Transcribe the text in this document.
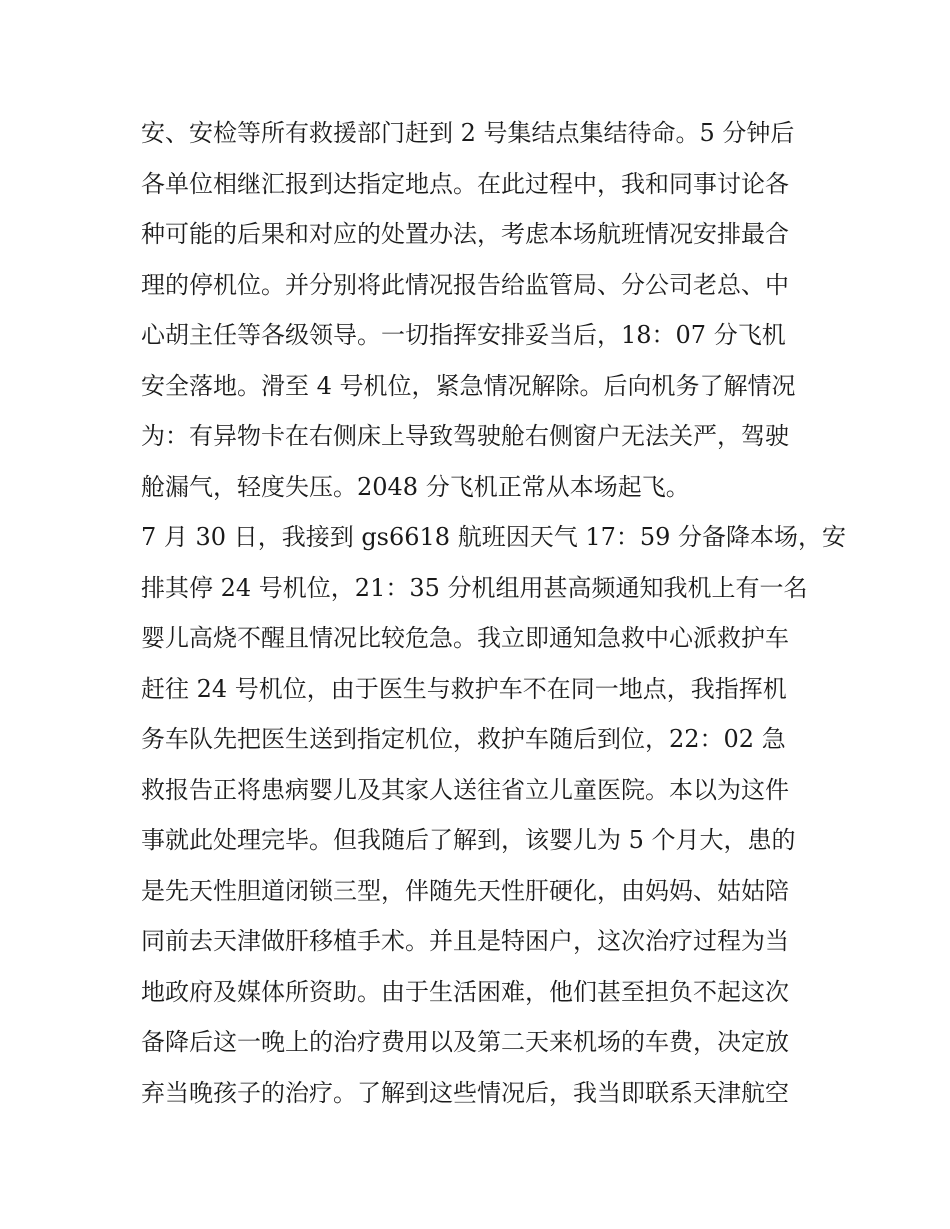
安、安检等所有救援部门赶到 2 号集结点集结待命。5 分钟后
各单位相继汇报到达指定地点。在此过程中，我和同事讨论各
种可能的后果和对应的处置办法，考虑本场航班情况安排最合
理的停机位。并分别将此情况报告给监管局、分公司老总、中
心胡主任等各级领导。一切指挥安排妥当后，18：07 分飞机
安全落地。滑至 4 号机位，紧急情况解除。后向机务了解情况
为：有异物卡在右侧床上导致驾驶舱右侧窗户无法关严，驾驶
舱漏气，轻度失压。2048 分飞机正常从本场起飞。
7 月 30 日，我接到 gs6618 航班因天气 17：59 分备降本场，安
排其停 24 号机位，21：35 分机组用甚高频通知我机上有一名
婴儿高烧不醒且情况比较危急。我立即通知急救中心派救护车
赶往 24 号机位，由于医生与救护车不在同一地点，我指挥机
务车队先把医生送到指定机位，救护车随后到位，22：02 急
救报告正将患病婴儿及其家人送往省立儿童医院。本以为这件
事就此处理完毕。但我随后了解到，该婴儿为 5 个月大，患的
是先天性胆道闭锁三型，伴随先天性肝硬化，由妈妈、姑姑陪
同前去天津做肝移植手术。并且是特困户，这次治疗过程为当
地政府及媒体所资助。由于生活困难，他们甚至担负不起这次
备降后这一晚上的治疗费用以及第二天来机场的车费，决定放
弃当晚孩子的治疗。了解到这些情况后，我当即联系天津航空
